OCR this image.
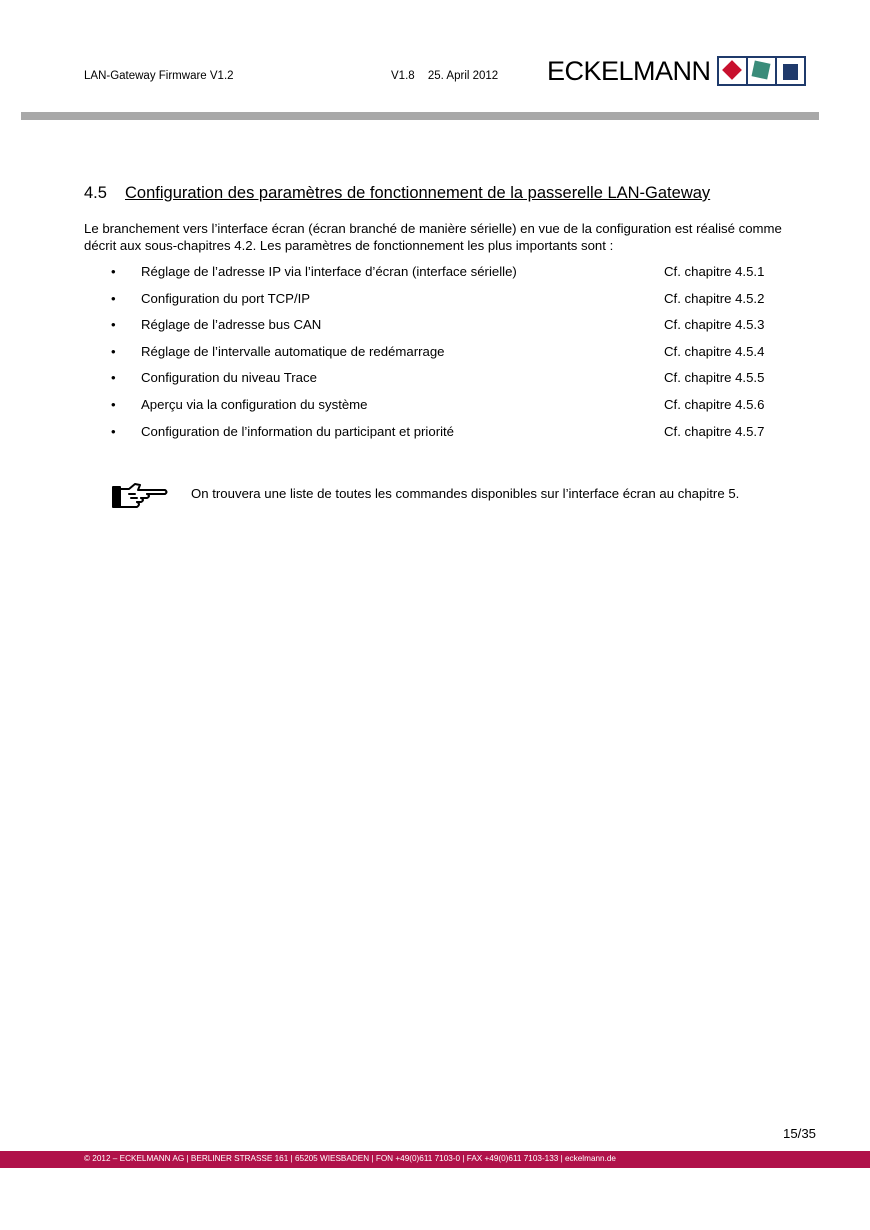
LAN-Gateway Firmware V1.2	V1.8 25. April 2012 ECKELMANN
4.5 Configuration des paramètres de fonctionnement de la passerelle LAN-Gateway
Le branchement vers l’interface écran (écran branché de manière sérielle) en vue de la configuration est réalisé comme décrit aux sous-chapitres 4.2. Les paramètres de fonctionnement les plus importants sont :
• Réglage de l’adresse IP via l’interface d’écran (interface sérielle)	Cf. chapitre 4.5.1
• Configuration du port TCP/IP	Cf. chapitre 4.5.2
• Réglage de l’adresse bus CAN	Cf. chapitre 4.5.3
• Réglage de l’intervalle automatique de redémarrage	Cf. chapitre 4.5.4
• Configuration du niveau Trace	Cf. chapitre 4.5.5
• Aperçu via la configuration du système	Cf. chapitre 4.5.6
• Configuration de l’information du participant et priorité	Cf. chapitre 4.5.7
On trouvera une liste de toutes les commandes disponibles sur l’interface écran au chapitre 5.
15/35
© 2012 – ECKELMANN AG | BERLINER STRASSE 161 | 65205 WIESBADEN | FON +49(0)611 7103-0 | FAX +49(0)611 7103-133 | eckelmann.de
